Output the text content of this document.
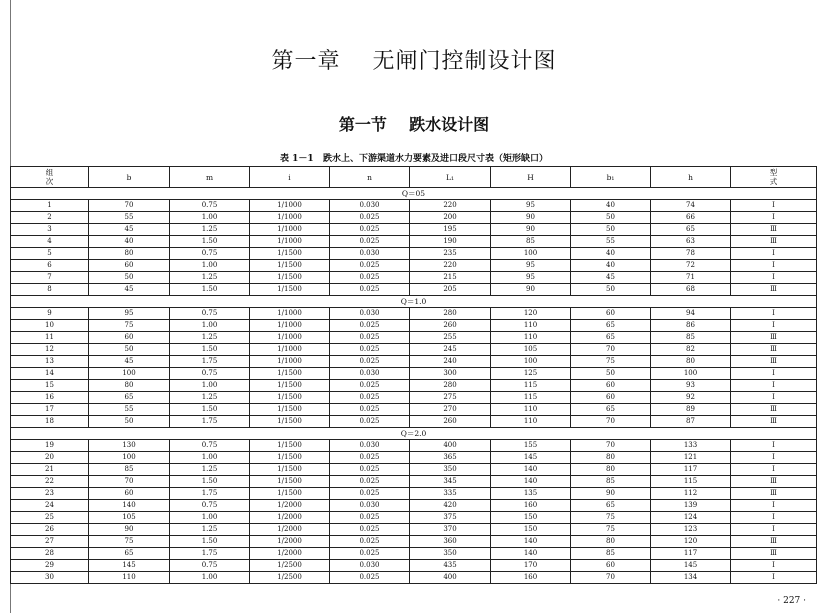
第一章    无闸门控制设计图
第一节    跌水设计图
表 1－1   跌水上、下游渠道水力要素及进口段尺寸表（矩形缺口）
组
次	b	m	i	n	L₁	H	b₁	h	型
式
Q＝05									
1	70	0.75	1/1000	0.030	220	95	40	74	Ⅰ
2	55	1.00	1/1000	0.025	200	90	50	66	Ⅰ
3	45	1.25	1/1000	0.025	195	90	50	65	Ⅲ
4	40	1.50	1/1000	0.025	190	85	55	63	Ⅲ
5	80	0.75	1/1500	0.030	235	100	40	78	Ⅰ
6	60	1.00	1/1500	0.025	220	95	40	72	Ⅰ
7	50	1.25	1/1500	0.025	215	95	45	71	Ⅰ
8	45	1.50	1/1500	0.025	205	90	50	68	Ⅲ
Q＝1.0									
9	95	0.75	1/1000	0.030	280	120	60	94	Ⅰ
10	75	1.00	1/1000	0.025	260	110	65	86	Ⅰ
11	60	1.25	1/1000	0.025	255	110	65	85	Ⅲ
12	50	1.50	1/1000	0.025	245	105	70	82	Ⅲ
13	45	1.75	1/1000	0.025	240	100	75	80	Ⅲ
14	100	0.75	1/1500	0.030	300	125	50	100	Ⅰ
15	80	1.00	1/1500	0.025	280	115	60	93	Ⅰ
16	65	1.25	1/1500	0.025	275	115	60	92	Ⅰ
17	55	1.50	1/1500	0.025	270	110	65	89	Ⅲ
18	50	1.75	1/1500	0.025	260	110	70	87	Ⅲ
Q＝2.0									
19	130	0.75	1/1500	0.030	400	155	70	133	Ⅰ
20	100	1.00	1/1500	0.025	365	145	80	121	Ⅰ
21	85	1.25	1/1500	0.025	350	140	80	117	Ⅰ
22	70	1.50	1/1500	0.025	345	140	85	115	Ⅲ
23	60	1.75	1/1500	0.025	335	135	90	112	Ⅲ
24	140	0.75	1/2000	0.030	420	160	65	139	Ⅰ
25	105	1.00	1/2000	0.025	375	150	75	124	Ⅰ
26	90	1.25	1/2000	0.025	370	150	75	123	Ⅰ
27	75	1.50	1/2000	0.025	360	140	80	120	Ⅲ
28	65	1.75	1/2000	0.025	350	140	85	117	Ⅲ
29	145	0.75	1/2500	0.030	435	170	60	145	Ⅰ
30	110	1.00	1/2500	0.025	400	160	70	134	Ⅰ
· 227 ·
